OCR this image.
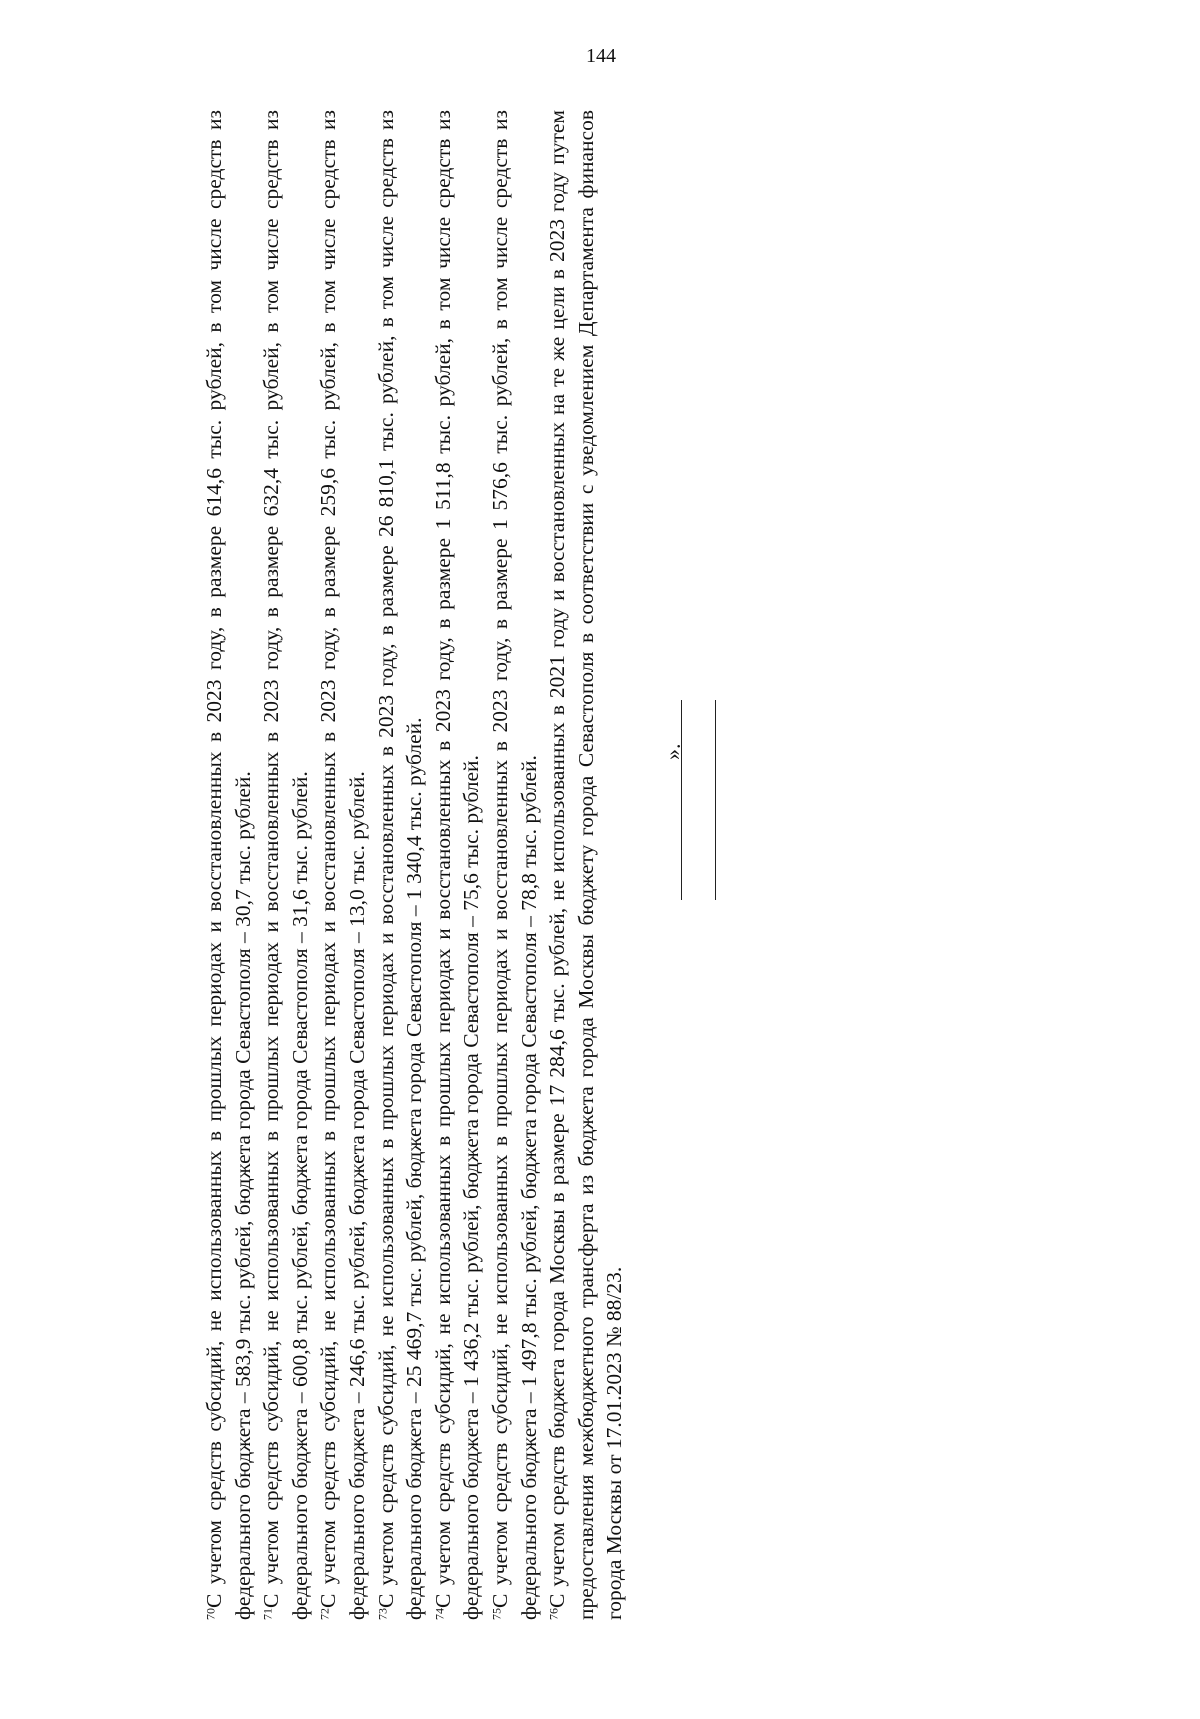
144

$^{70}$С учетом средств субсидий, не использованных в прошлых периодах и восстановленных в 2023 году, в размере 614,6 тыс. рублей, в том числе средств из федерального бюджета – 583,9 тыс. рублей, бюджета города Севастополя – 30,7 тыс. рублей. $^{71}$С учетом средств субсидий, не использованных в прошлых периодах и восстановленных в 2023 году, в размере 632,4 тыс. рублей, в том числе средств из федерального бюджета – 600,8 тыс. рублей, бюджета города Севастополя – 31,6 тыс. рублей. $^{72}$С учетом средств субсидий, не использованных в прошлых периодах и восстановленных в 2023 году, в размере 259,6 тыс. рублей, в том числе средств из федерального бюджета – 246,6 тыс. рублей, бюджета города Севастополя – 13,0 тыс. рублей. $^{73}$С учетом средств субсидий, не использованных в прошлых периодах и восстановленных в 2023 году, в размере 26 810,1 тыс. рублей, в том числе средств из федерального бюджета – 25 469,7 тыс. рублей, бюджета города Севастополя – 1 340,4 тыс. рублей. $^{74}$С учетом средств субсидий, не использованных в прошлых периодах и восстановленных в 2023 году, в размере 1 511,8 тыс. рублей, в том числе средств из федерального бюджета – 1 436,2 тыс. рублей, бюджета города Севастополя – 75,6 тыс. рублей. $^{75}$С учетом средств субсидий, не использованных в прошлых периодах и восстановленных в 2023 году, в размере 1 576,6 тыс. рублей, в том числе средств из федерального бюджета – 1 497,8 тыс. рублей, бюджета города Севастополя – 78,8 тыс. рублей. $^{76}$С учетом средств бюджета города Москвы в размере 17 284,6 тыс. рублей, не использованных в 2021 году и восстановленных на те же цели в 2023 году путем предоставления межбюджетного трансферта из бюджета города Москвы бюджету города Севастополя в соответствии с уведомлением Департамента финансов города Москвы от 17.01.2023 № 88/23.

».
